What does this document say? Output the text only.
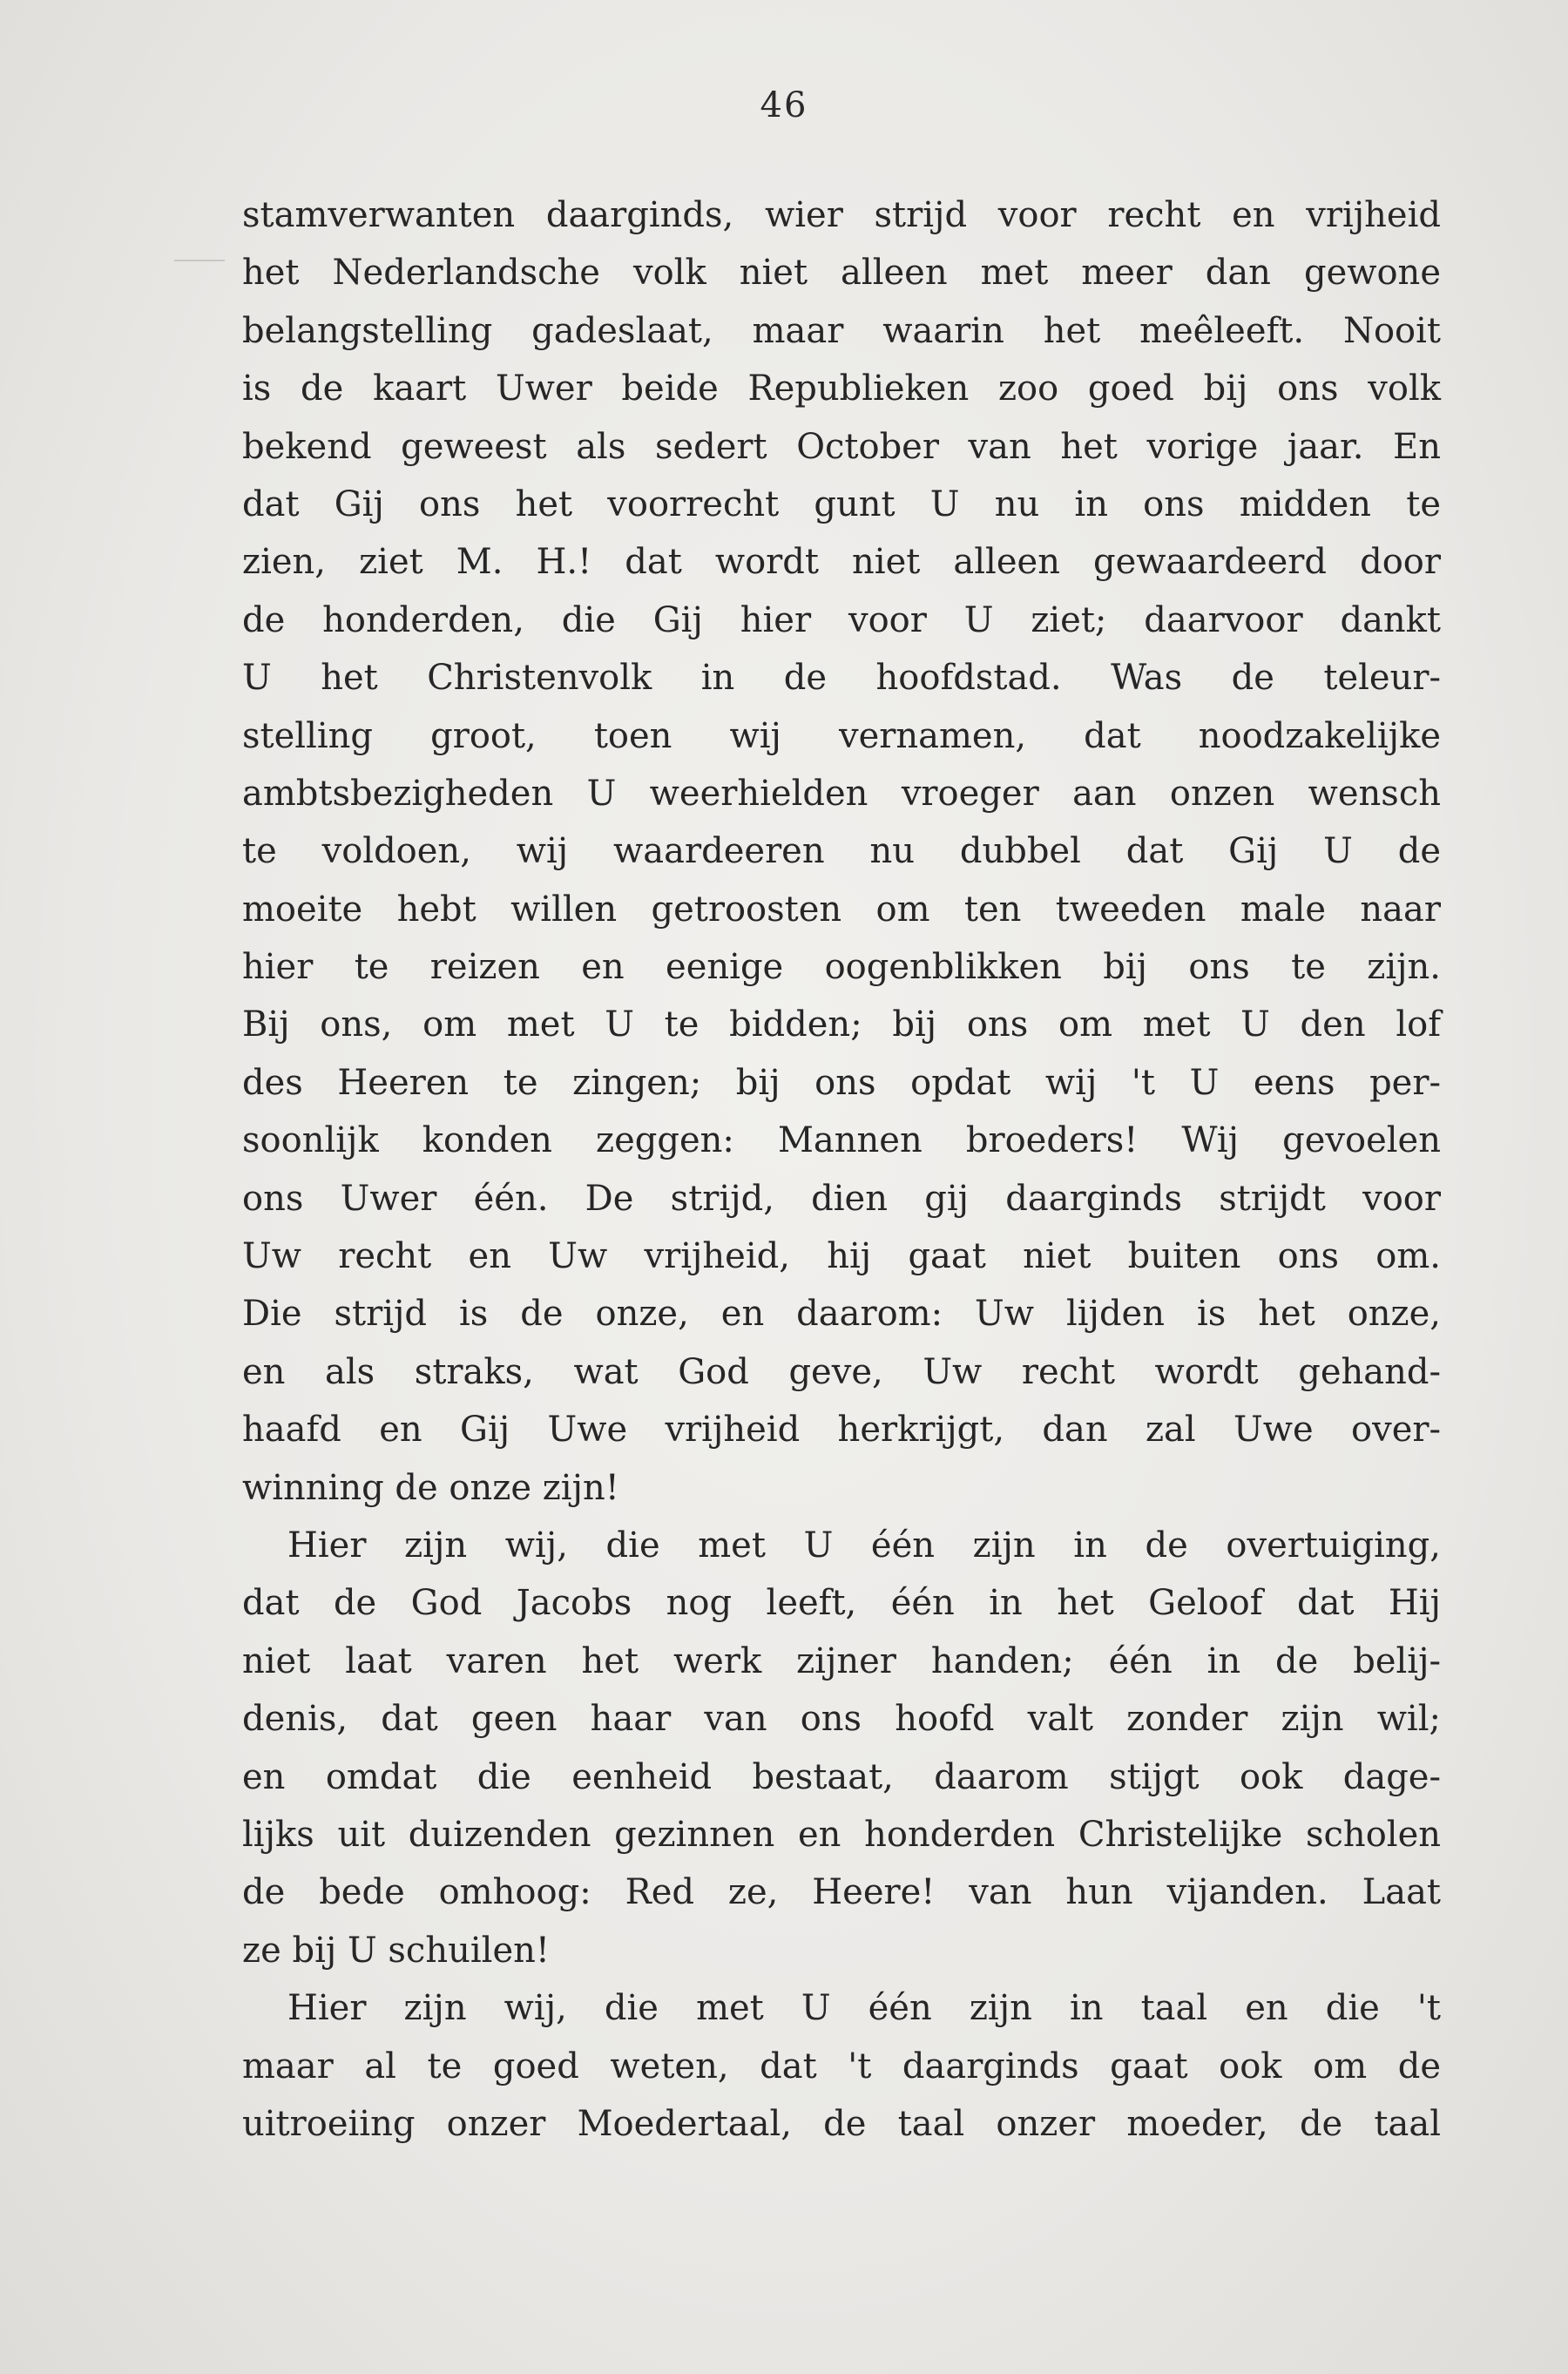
46
stamverwanten daarginds, wier strijd voor recht en vrijheid
het Nederlandsche volk niet alleen met meer dan gewone
belangstelling gadeslaat, maar waarin het meêleeft. Nooit
is de kaart Uwer beide Republieken zoo goed bij ons volk
bekend geweest als sedert October van het vorige jaar. En
dat Gij ons het voorrecht gunt U nu in ons midden te
zien, ziet M. H.! dat wordt niet alleen gewaardeerd door
de honderden, die Gij hier voor U ziet; daarvoor dankt
U het Christenvolk in de hoofdstad. Was de teleur-
stelling groot, toen wij vernamen, dat noodzakelijke
ambtsbezigheden U weerhielden vroeger aan onzen wensch
te voldoen, wij waardeeren nu dubbel dat Gij U de
moeite hebt willen getroosten om ten tweeden male naar
hier te reizen en eenige oogenblikken bij ons te zijn.
Bij ons, om met U te bidden; bij ons om met U den lof
des Heeren te zingen; bij ons opdat wij 't U eens per-
soonlijk konden zeggen: Mannen broeders! Wij gevoelen
ons Uwer één. De strijd, dien gij daarginds strijdt voor
Uw recht en Uw vrijheid, hij gaat niet buiten ons om.
Die strijd is de onze, en daarom: Uw lijden is het onze,
en als straks, wat God geve, Uw recht wordt gehand-
haafd en Gij Uwe vrijheid herkrijgt, dan zal Uwe over-
winning de onze zijn!
Hier zijn wij, die met U één zijn in de overtuiging,
dat de God Jacobs nog leeft, één in het Geloof dat Hij
niet laat varen het werk zijner handen; één in de belij-
denis, dat geen haar van ons hoofd valt zonder zijn wil;
en omdat die eenheid bestaat, daarom stijgt ook dage-
lijks uit duizenden gezinnen en honderden Christelijke scholen
de bede omhoog: Red ze, Heere! van hun vijanden. Laat
ze bij U schuilen!
Hier zijn wij, die met U één zijn in taal en die 't
maar al te goed weten, dat 't daarginds gaat ook om de
uitroeiing onzer Moedertaal, de taal onzer moeder, de taal
